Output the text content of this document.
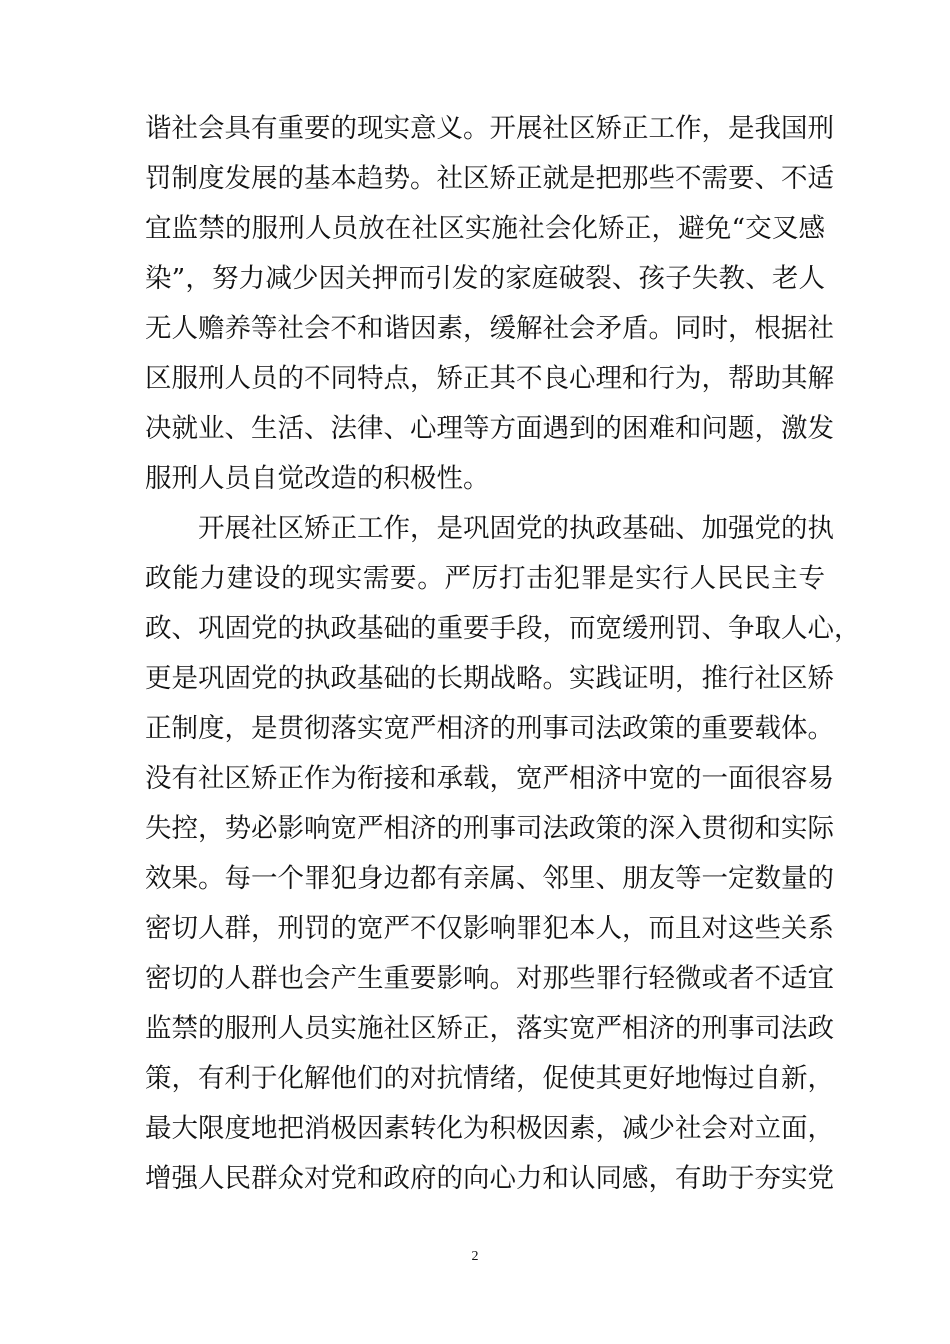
谐社会具有重要的现实意义。开展社区矫正工作，是我国刑
罚制度发展的基本趋势。社区矫正就是把那些不需要、不适
宜监禁的服刑人员放在社区实施社会化矫正，避免“交叉感
染”，努力减少因关押而引发的家庭破裂、孩子失教、老人
无人赡养等社会不和谐因素，缓解社会矛盾。同时，根据社
区服刑人员的不同特点，矫正其不良心理和行为，帮助其解
决就业、生活、法律、心理等方面遇到的困难和问题，激发
服刑人员自觉改造的积极性。
开展社区矫正工作，是巩固党的执政基础、加强党的执
政能力建设的现实需要。严厉打击犯罪是实行人民民主专
政、巩固党的执政基础的重要手段，而宽缓刑罚、争取人心，
更是巩固党的执政基础的长期战略。实践证明，推行社区矫
正制度，是贯彻落实宽严相济的刑事司法政策的重要载体。
没有社区矫正作为衔接和承载，宽严相济中宽的一面很容易
失控，势必影响宽严相济的刑事司法政策的深入贯彻和实际
效果。每一个罪犯身边都有亲属、邻里、朋友等一定数量的
密切人群，刑罚的宽严不仅影响罪犯本人，而且对这些关系
密切的人群也会产生重要影响。对那些罪行轻微或者不适宜
监禁的服刑人员实施社区矫正，落实宽严相济的刑事司法政
策，有利于化解他们的对抗情绪，促使其更好地悔过自新，
最大限度地把消极因素转化为积极因素，减少社会对立面，
增强人民群众对党和政府的向心力和认同感，有助于夯实党
2
